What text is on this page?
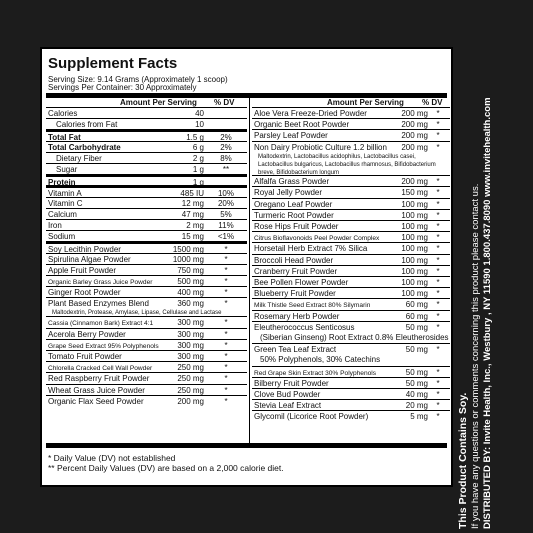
Supplement Facts
Serving Size: 9.14 Grams (Approximately 1 scoop)
Servings Per Container: 30 Approximately
Amount Per Serving % DV
Calories	40
Calories from Fat	10
Total Fat	1.5 g	2%
Total Carbohydrate	6 g	2%
Dietary Fiber	2 g	8%
Sugar	1 g	**
Protein	1 g
Vitamin A	485 IU	10%
Vitamin C	12 mg	20%
Calcium	47 mg	5%
Iron	2 mg	11%
Sodium	15 mg	<1%
Soy Lecithin Powder	1500 mg	*
Spirulina Algae Powder	1000 mg	*
Apple Fruit Powder	750 mg	*
Organic Barley Grass Juice Powder	500 mg	*
Ginger Root Powder	400 mg	*
Plant Based Enzymes Blend	360 mg	*
Maltodextrin, Protease, Amylase, Lipase, Cellulase and Lactase
Cassia (Cinnamon Bark) Extract 4:1	300 mg	*
Acerola Berry Powder	300 mg	*
Grape Seed Extract 95% Polyphenols	300 mg	*
Tomato Fruit Powder	300 mg	*
Chlorella Cracked Cell Wall Powder	250 mg	*
Red Raspberry Fruit Powder	250 mg	*
Wheat Grass Juice Powder	250 mg	*
Organic Flax Seed Powder	200 mg	*
Amount Per Serving % DV
Aloe Vera Freeze-Dried Powder	200 mg	*
Organic Beet Root Powder	200 mg	*
Parsley Leaf Powder	200 mg	*
Non Dairy Probiotic Culture 1.2 billion	200 mg	*
Maltodextrin, Lactobacillus acidophilus, Lactobacillus casei, Lactobacillus bulgaricus, Lactobacillus rhamnosus, Bifidobacterium breve, Bifidobacterium longum
Alfalfa Grass Powder	200 mg	*
Royal Jelly Powder	150 mg	*
Oregano Leaf Powder	100 mg	*
Turmeric Root Powder	100 mg	*
Rose Hips Fruit Powder	100 mg	*
Citrus Bioflavonoids Peel Powder Complex	100 mg	*
Horsetail Herb Extract 7% Silica	100 mg	*
Broccoli Head Powder	100 mg	*
Cranberry Fruit Powder	100 mg	*
Bee Pollen Flower Powder	100 mg	*
Blueberry Fruit Powder	100 mg	*
Milk Thistle Seed Extract 80% Silymarin	60 mg	*
Rosemary Herb Powder	60 mg	*
Eleutherococcus Senticosus	50 mg	*
(Siberian Ginseng) Root Extract 0.8% Eleutherosides
Green Tea Leaf Extract	50 mg	*
50% Polyphenols, 30% Catechins
Red Grape Skin Extract 30% Polyphenols	50 mg	*
Bilberry Fruit Powder	50 mg	*
Clove Bud Powder	40 mg	*
Stevia Leaf Extract	20 mg	*
Glycomil (Licorice Root Powder)	5 mg	*
* Daily Value (DV) not established
** Percent Daily Values (DV) are based on a 2,000 calorie diet.	This Product Contains Soy. If you have any questions or comments concerning this product please contact us. DISTRIBUTED BY: Invite Health, Inc., Westbury , NY 11590 1.800.437.8090 www.invitehealth.com
